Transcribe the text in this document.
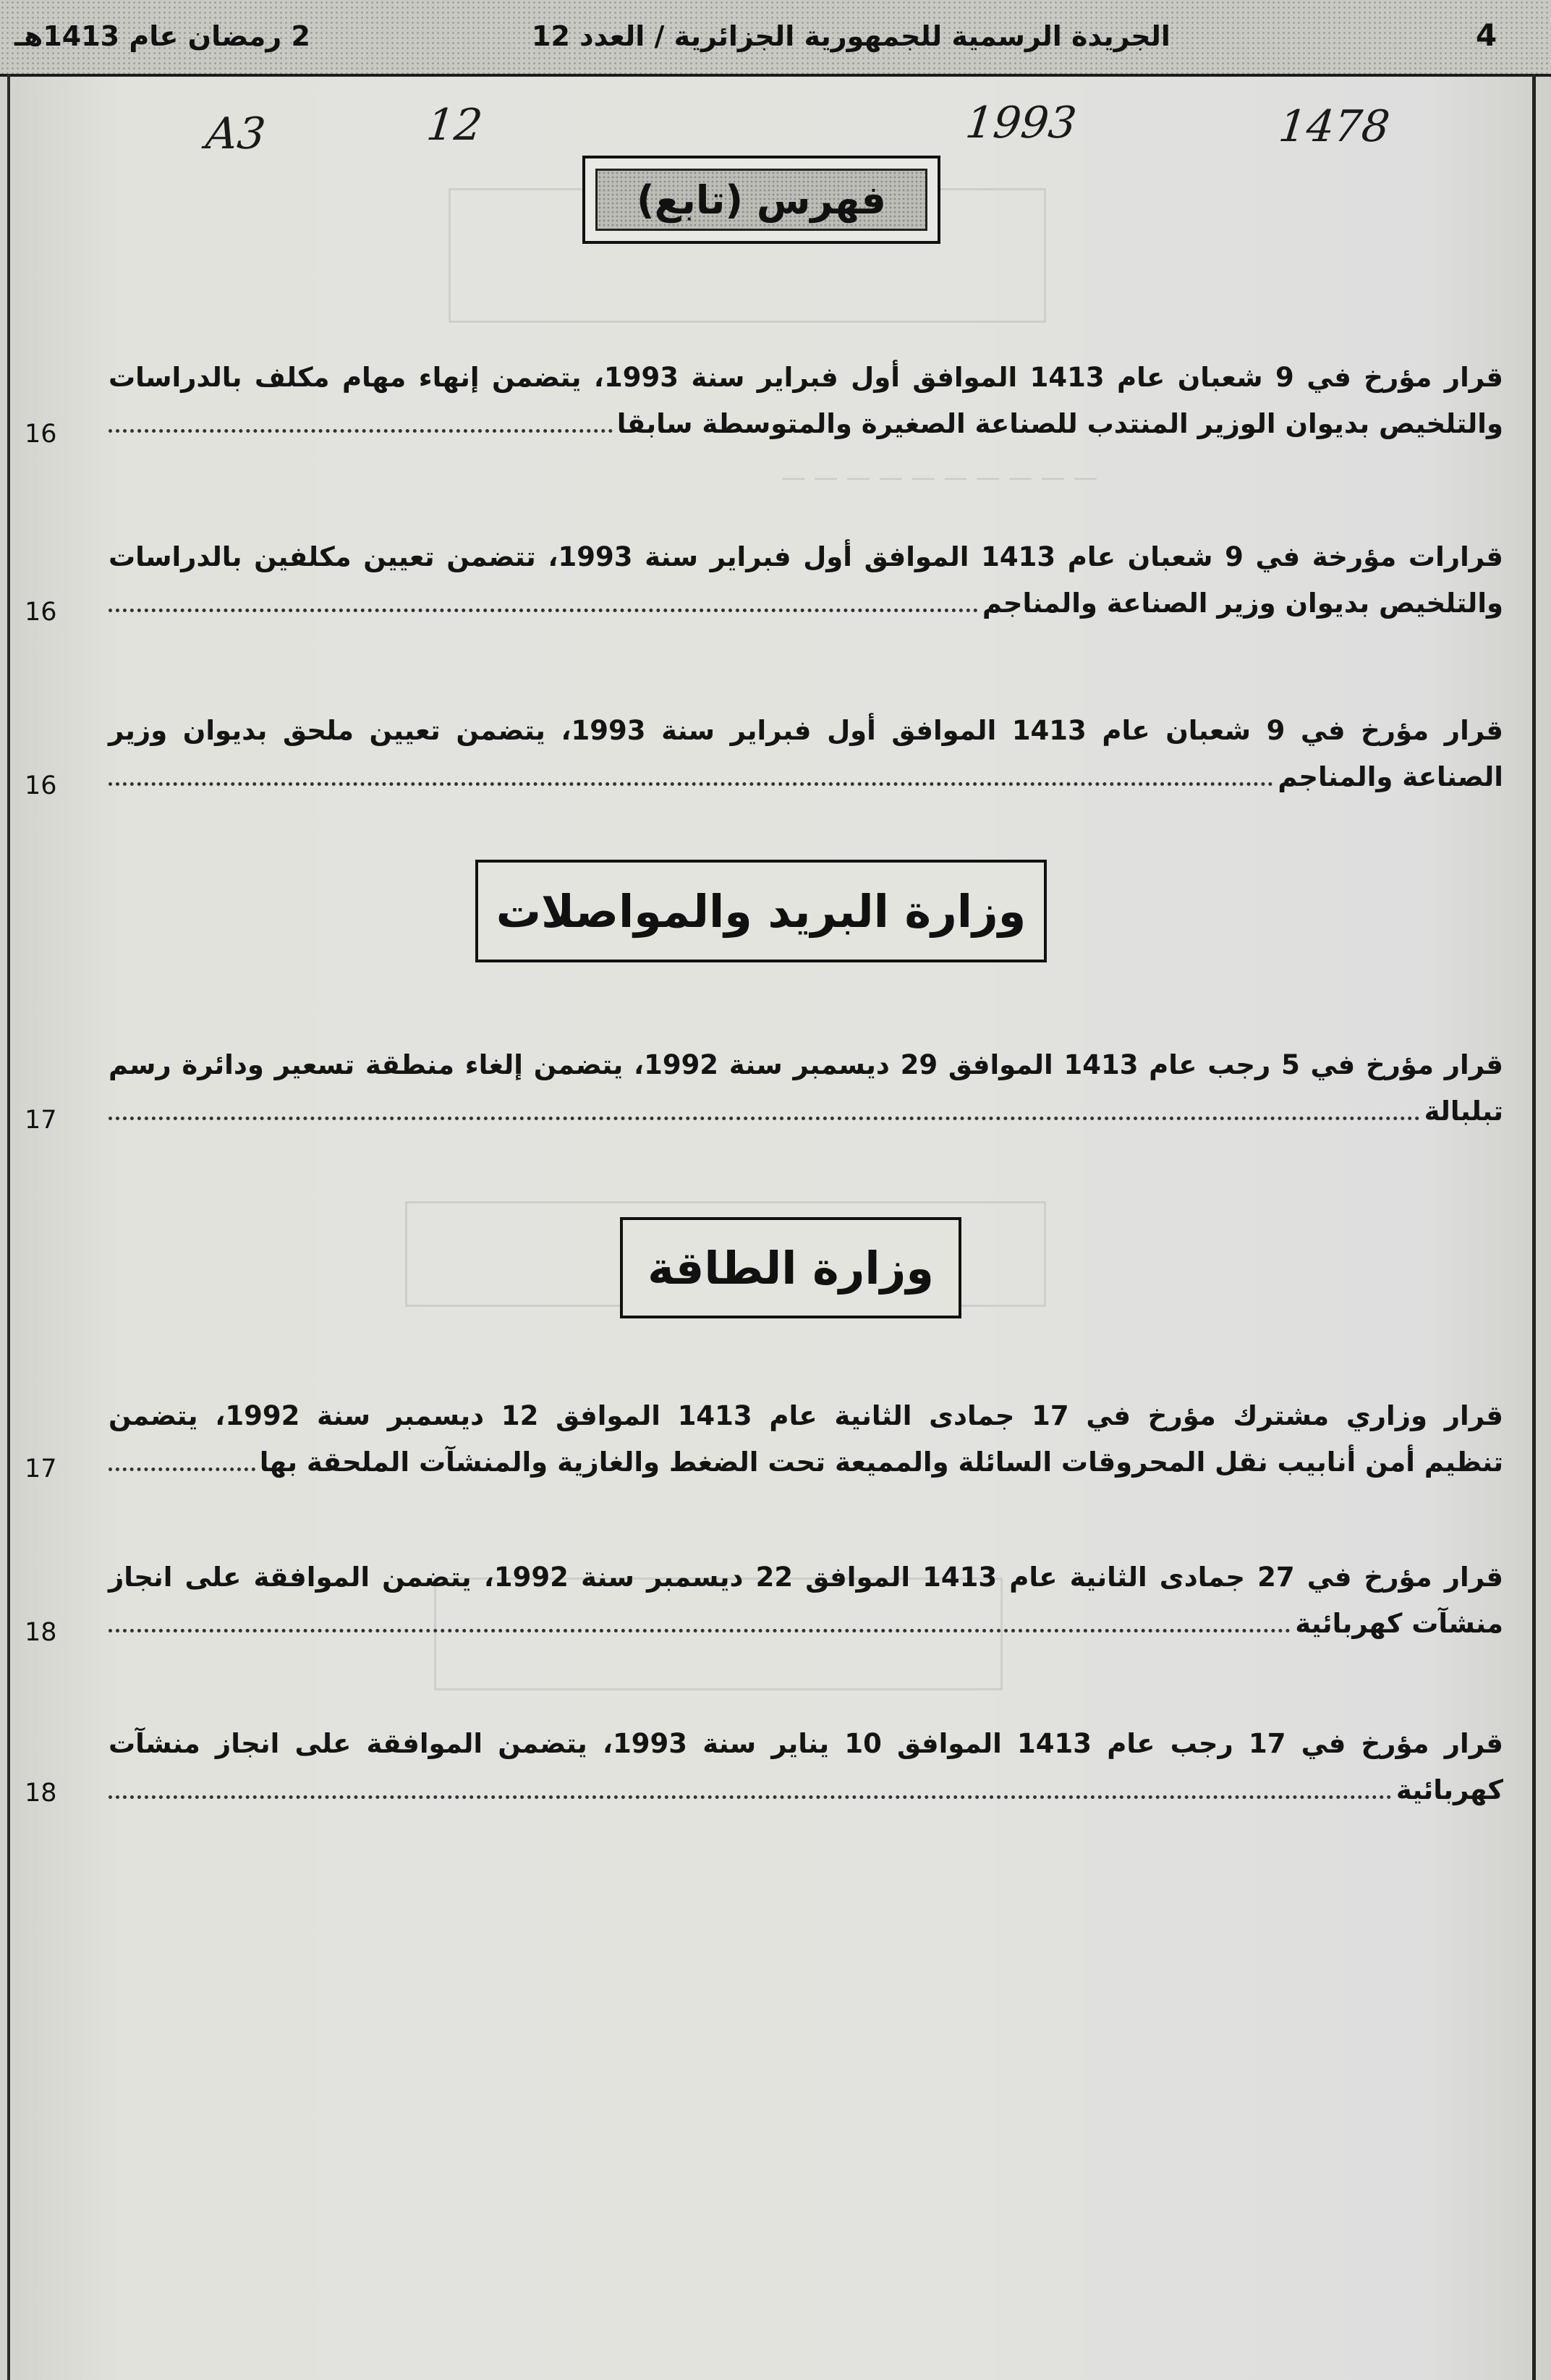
4
الجريدة الرسمية للجمهورية الجزائرية / العدد 12
2 رمضان عام 1413هـ
— — — — — — — — — —
A3	12	1993	1478
فهرس (تابع)
قرار مؤرخ في 9 شعبان عام 1413 الموافق أول فبراير سنة 1993، يتضمن إنهاء مهام مكلف بالدراسات
والتلخيص بديوان الوزير المنتدب للصناعة الصغيرة والمتوسطة سابقا
16
قرارات مؤرخة في 9 شعبان عام 1413 الموافق أول فبراير سنة 1993، تتضمن تعيين مكلفين بالدراسات
والتلخيص بديوان وزير الصناعة والمناجم
16
قرار مؤرخ في 9 شعبان عام 1413 الموافق أول فبراير سنة 1993، يتضمن تعيين ملحق بديوان وزير
الصناعة والمناجم
16
وزارة البريد والمواصلات
قرار مؤرخ في 5 رجب عام 1413 الموافق 29 ديسمبر سنة 1992، يتضمن إلغاء منطقة تسعير ودائرة رسم
تبلبالة
17
وزارة الطاقة
قرار وزاري مشترك مؤرخ في 17 جمادى الثانية عام 1413 الموافق 12 ديسمبر سنة 1992، يتضمن
تنظيم أمن أنابيب نقل المحروقات السائلة والمميعة تحت الضغط والغازية والمنشآت الملحقة بها
17
قرار مؤرخ في 27 جمادى الثانية عام 1413 الموافق 22 ديسمبر سنة 1992، يتضمن الموافقة على انجاز
منشآت كهربائية
18
قرار مؤرخ في 17 رجب عام 1413 الموافق 10 يناير سنة 1993، يتضمن الموافقة على انجاز منشآت
كهربائية
18
